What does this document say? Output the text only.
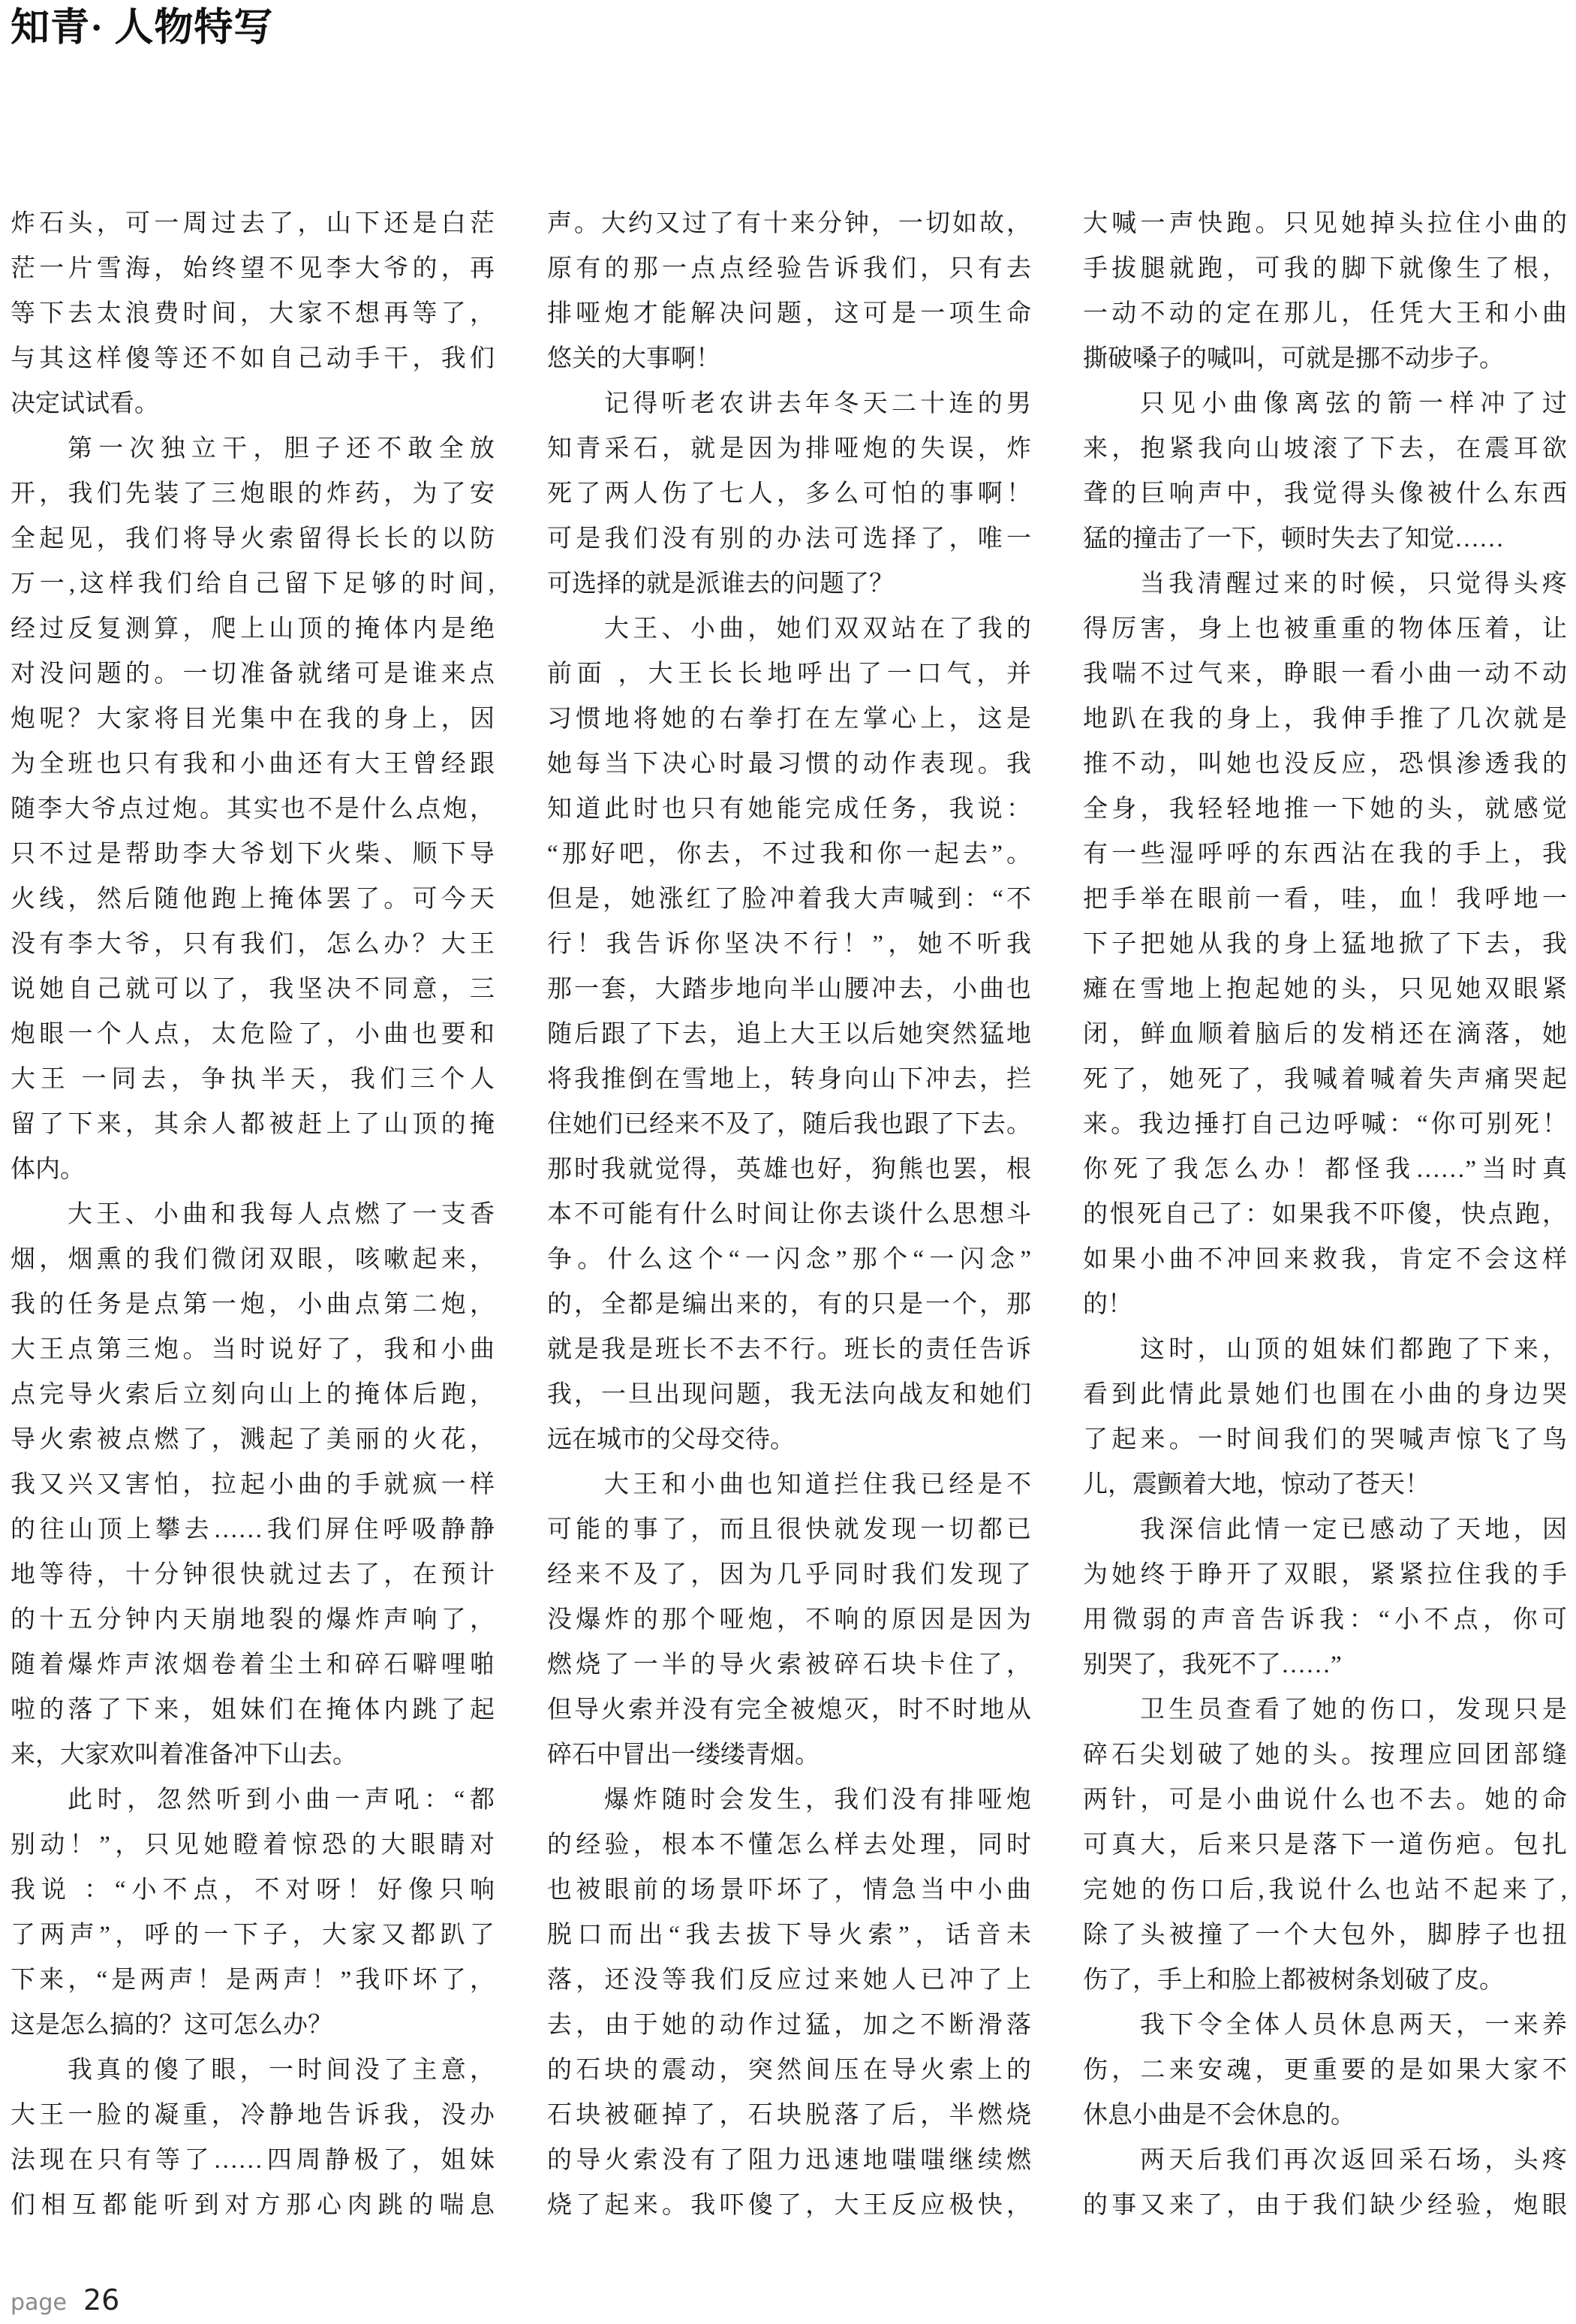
知青· 人物特写
炸石头，可一周过去了，山下还是白茫
茫一片雪海，始终望不见李大爷的，再
等下去太浪费时间，大家不想再等了，
与其这样傻等还不如自己动手干，我们
决定试试看。
第一次独立干，胆子还不敢全放
开，我们先装了三炮眼的炸药，为了安
全起见，我们将导火索留得长长的以防
万一,这样我们给自己留下足够的时间,
经过反复测算，爬上山顶的掩体内是绝
对没问题的。一切准备就绪可是谁来点
炮呢？大家将目光集中在我的身上，因
为全班也只有我和小曲还有大王曾经跟
随李大爷点过炮。其实也不是什么点炮，
只不过是帮助李大爷划下火柴、顺下导
火线，然后随他跑上掩体罢了。可今天
没有李大爷，只有我们，怎么办？大王
说她自己就可以了，我坚决不同意，三
炮眼一个人点，太危险了，小曲也要和
大王 一同去，争执半天，我们三个人
留了下来，其余人都被赶上了山顶的掩
体内。
大王、小曲和我每人点燃了一支香
烟，烟熏的我们微闭双眼，咳嗽起来，
我的任务是点第一炮，小曲点第二炮，
大王点第三炮。当时说好了，我和小曲
点完导火索后立刻向山上的掩体后跑，
导火索被点燃了，溅起了美丽的火花，
我又兴又害怕，拉起小曲的手就疯一样
的往山顶上攀去……我们屏住呼吸静静
地等待，十分钟很快就过去了，在预计
的十五分钟内天崩地裂的爆炸声响了，
随着爆炸声浓烟卷着尘土和碎石噼哩啪
啦的落了下来，姐妹们在掩体内跳了起
来，大家欢叫着准备冲下山去。
此时，忽然听到小曲一声吼：“都
别动！”，只见她瞪着惊恐的大眼睛对
我说 ：“小不点，不对呀！好像只响
了两声”，呼的一下子，大家又都趴了
下来，“是两声！是两声！”我吓坏了，
这是怎么搞的？这可怎么办？
我真的傻了眼，一时间没了主意，
大王一脸的凝重，冷静地告诉我，没办
法现在只有等了……四周静极了，姐妹
们相互都能听到对方那心肉跳的喘息
声。大约又过了有十来分钟，一切如故，
原有的那一点点经验告诉我们，只有去
排哑炮才能解决问题，这可是一项生命
悠关的大事啊！
记得听老农讲去年冬天二十连的男
知青采石，就是因为排哑炮的失误，炸
死了两人伤了七人，多么可怕的事啊！
可是我们没有别的办法可选择了，唯一
可选择的就是派谁去的问题了？
大王、小曲，她们双双站在了我的
前面 ，大王长长地呼出了一口气，并
习惯地将她的右拳打在左掌心上，这是
她每当下决心时最习惯的动作表现。我
知道此时也只有她能完成任务，我说：
“那好吧，你去，不过我和你一起去”。
但是，她涨红了脸冲着我大声喊到：“不
行！我告诉你坚决不行！”，她不听我
那一套，大踏步地向半山腰冲去，小曲也
随后跟了下去，追上大王以后她突然猛地
将我推倒在雪地上，转身向山下冲去，拦
住她们已经来不及了，随后我也跟了下去。
那时我就觉得，英雄也好，狗熊也罢，根
本不可能有什么时间让你去谈什么思想斗
争。什么这个“一闪念”那个“一闪念”
的，全都是编出来的，有的只是一个，那
就是我是班长不去不行。班长的责任告诉
我，一旦出现问题，我无法向战友和她们
远在城市的父母交待。
大王和小曲也知道拦住我已经是不
可能的事了，而且很快就发现一切都已
经来不及了，因为几乎同时我们发现了
没爆炸的那个哑炮，不响的原因是因为
燃烧了一半的导火索被碎石块卡住了，
但导火索并没有完全被熄灭，时不时地从
碎石中冒出一缕缕青烟。
爆炸随时会发生，我们没有排哑炮
的经验，根本不懂怎么样去处理，同时
也被眼前的场景吓坏了，情急当中小曲
脱口而出“我去拔下导火索”，话音未
落，还没等我们反应过来她人已冲了上
去，由于她的动作过猛，加之不断滑落
的石块的震动，突然间压在导火索上的
石块被砸掉了，石块脱落了后，半燃烧
的导火索没有了阻力迅速地嗤嗤继续燃
烧了起来。我吓傻了，大王反应极快，
大喊一声快跑。只见她掉头拉住小曲的
手拔腿就跑，可我的脚下就像生了根，
一动不动的定在那儿，任凭大王和小曲
撕破嗓子的喊叫，可就是挪不动步子。
只见小曲像离弦的箭一样冲了过
来，抱紧我向山坡滚了下去，在震耳欲
聋的巨响声中，我觉得头像被什么东西
猛的撞击了一下，顿时失去了知觉……
当我清醒过来的时候，只觉得头疼
得厉害，身上也被重重的物体压着，让
我喘不过气来，睁眼一看小曲一动不动
地趴在我的身上，我伸手推了几次就是
推不动，叫她也没反应，恐惧渗透我的
全身，我轻轻地推一下她的头，就感觉
有一些湿呼呼的东西沾在我的手上，我
把手举在眼前一看，哇，血！我呼地一
下子把她从我的身上猛地掀了下去，我
瘫在雪地上抱起她的头，只见她双眼紧
闭，鲜血顺着脑后的发梢还在滴落，她
死了，她死了，我喊着喊着失声痛哭起
来。我边捶打自己边呼喊：“你可别死！
你死了我怎么办！都怪我……”当时真
的恨死自己了：如果我不吓傻，快点跑，
如果小曲不冲回来救我，肯定不会这样
的！
这时，山顶的姐妹们都跑了下来，
看到此情此景她们也围在小曲的身边哭
了起来。一时间我们的哭喊声惊飞了鸟
儿，震颤着大地，惊动了苍天！
我深信此情一定已感动了天地，因
为她终于睁开了双眼，紧紧拉住我的手
用微弱的声音告诉我：“小不点，你可
别哭了，我死不了……”
卫生员查看了她的伤口，发现只是
碎石尖划破了她的头。按理应回团部缝
两针，可是小曲说什么也不去。她的命
可真大，后来只是落下一道伤疤。包扎
完她的伤口后,我说什么也站不起来了,
除了头被撞了一个大包外，脚脖子也扭
伤了，手上和脸上都被树条划破了皮。
我下令全体人员休息两天，一来养
伤，二来安魂，更重要的是如果大家不
休息小曲是不会休息的。
两天后我们再次返回采石场，头疼
的事又来了，由于我们缺少经验，炮眼
page 26
